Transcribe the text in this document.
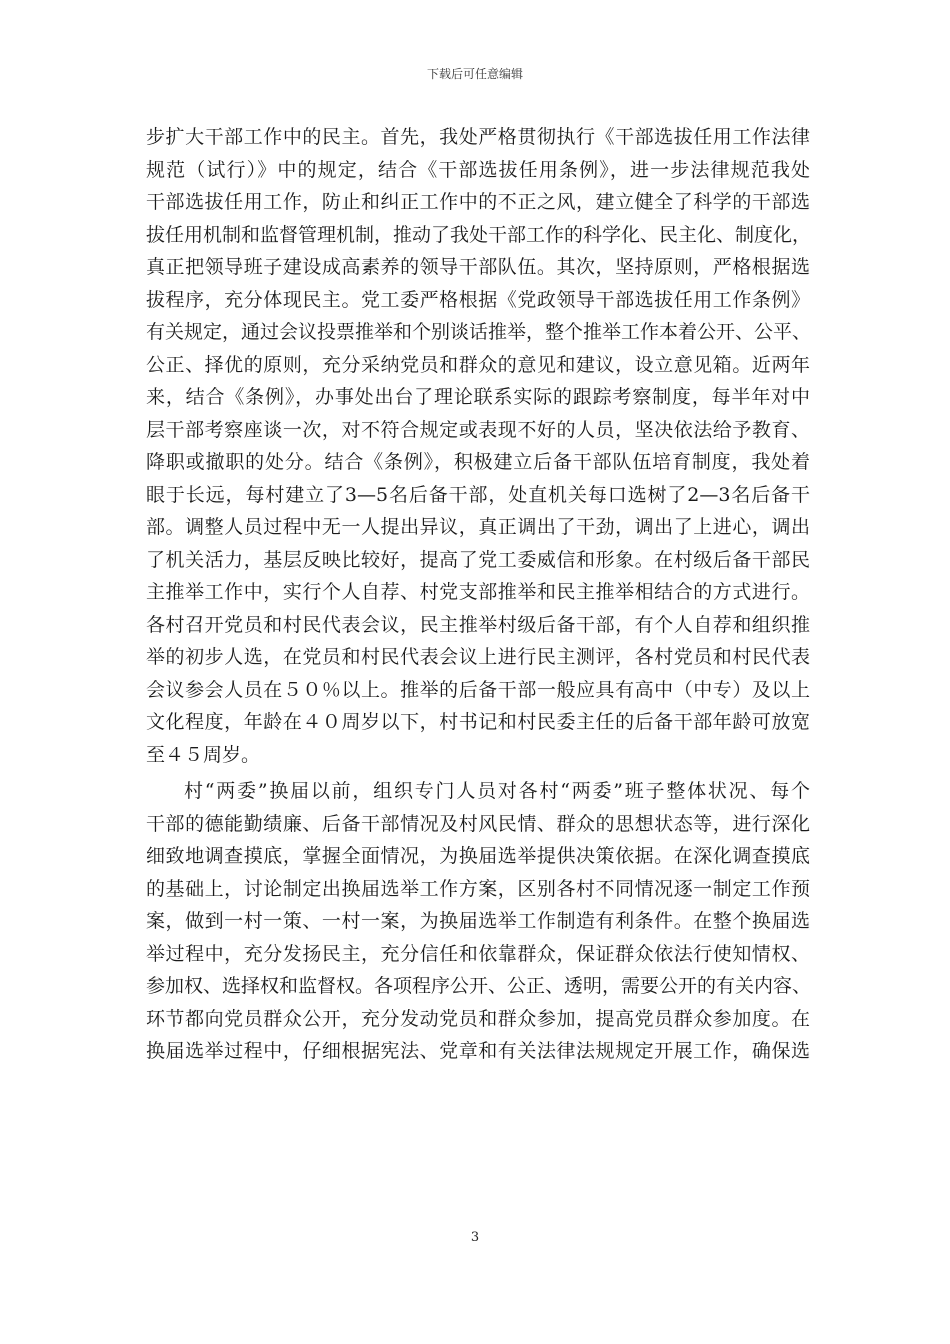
下载后可任意编辑
步扩大干部工作中的民主。首先，我处严格贯彻执行《干部选拔任用工作法律
规范（试行）》中的规定，结合《干部选拔任用条例》，进一步法律规范我处
干部选拔任用工作，防止和纠正工作中的不正之风，建立健全了科学的干部选
拔任用机制和监督管理机制，推动了我处干部工作的科学化、民主化、制度化，
真正把领导班子建设成高素养的领导干部队伍。其次，坚持原则，严格根据选
拔程序，充分体现民主。党工委严格根据《党政领导干部选拔任用工作条例》
有关规定，通过会议投票推举和个别谈话推举，整个推举工作本着公开、公平、
公正、择优的原则，充分采纳党员和群众的意见和建议，设立意见箱。近两年
来，结合《条例》，办事处出台了理论联系实际的跟踪考察制度，每半年对中
层干部考察座谈一次，对不符合规定或表现不好的人员，坚决依法给予教育、
降职或撤职的处分。结合《条例》，积极建立后备干部队伍培育制度，我处着
眼于长远，每村建立了3—5名后备干部，处直机关每口选树了2—3名后备干
部。调整人员过程中无一人提出异议，真正调出了干劲，调出了上进心，调出
了机关活力，基层反映比较好，提高了党工委威信和形象。在村级后备干部民
主推举工作中，实行个人自荐、村党支部推举和民主推举相结合的方式进行。
各村召开党员和村民代表会议，民主推举村级后备干部，有个人自荐和组织推
举的初步人选，在党员和村民代表会议上进行民主测评，各村党员和村民代表
会议参会人员在５０％以上。推举的后备干部一般应具有高中（中专）及以上
文化程度，年龄在４０周岁以下，村书记和村民委主任的后备干部年龄可放宽
至４５周岁。
村“两委”换届以前，组织专门人员对各村“两委”班子整体状况、每个
干部的德能勤绩廉、后备干部情况及村风民情、群众的思想状态等，进行深化
细致地调查摸底，掌握全面情况，为换届选举提供决策依据。在深化调查摸底
的基础上，讨论制定出换届选举工作方案，区别各村不同情况逐一制定工作预
案，做到一村一策、一村一案，为换届选举工作制造有利条件。在整个换届选
举过程中，充分发扬民主，充分信任和依靠群众，保证群众依法行使知情权、
参加权、选择权和监督权。各项程序公开、公正、透明，需要公开的有关内容、
环节都向党员群众公开，充分发动党员和群众参加，提高党员群众参加度。在
换届选举过程中，仔细根据宪法、党章和有关法律法规规定开展工作，确保选
3
